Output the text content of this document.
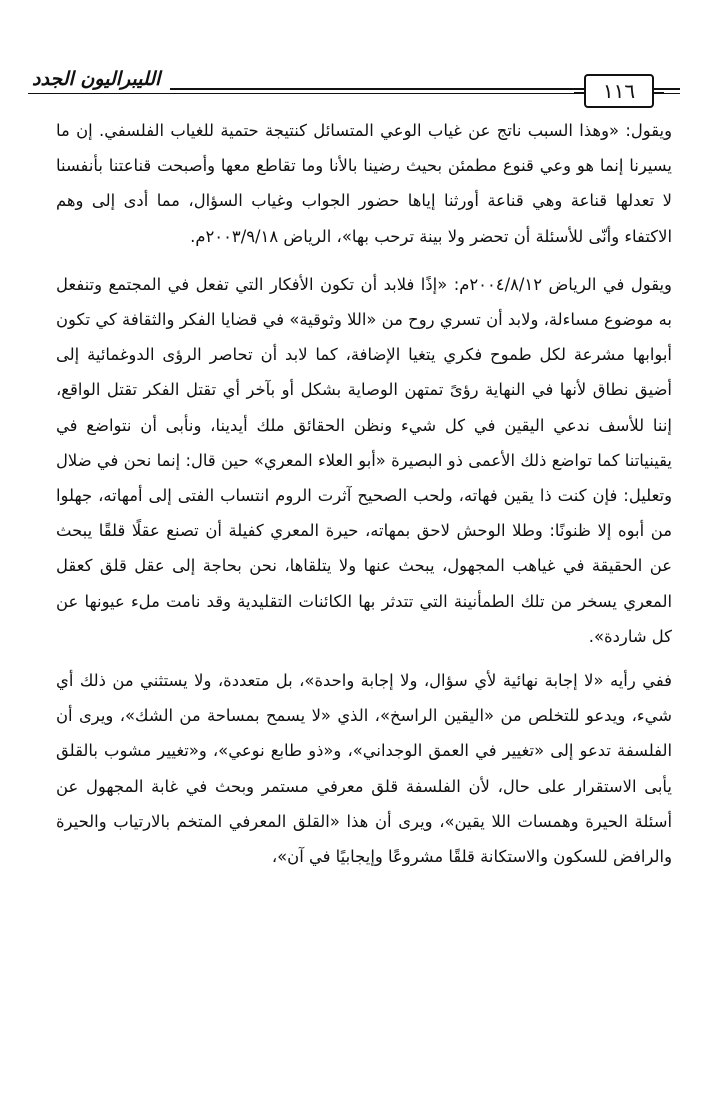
الليبراليون الجدد	١١٦

ويقول: «وهذا السبب ناتج عن غياب الوعي المتسائل كنتيجة حتمية للغياب الفلسفي. إن ما يسيرنا إنما هو وعي قنوع مطمئن بحيث رضينا بالأنا وما تقاطع معها وأصبحت قناعتنا بأنفسنا لا تعدلها قناعة وهي قناعة أورثنا إياها حضور الجواب وغياب السؤال، مما أدى إلى وهم الاكتفاء وأنّى للأسئلة أن تحضر ولا بينة ترحب بها»، الرياض ٢٠٠٣/٩/١٨م.

ويقول في الرياض ٢٠٠٤/٨/١٢م: «إذًا فلابد أن تكون الأفكار التي تفعل في المجتمع وتنفعل به موضوع مساءلة، ولابد أن تسري روح من «اللا وثوقية» في قضايا الفكر والثقافة كي تكون أبوابها مشرعة لكل طموح فكري يتغيا الإضافة، كما لابد أن تحاصر الرؤى الدوغمائية إلى أضيق نطاق لأنها في النهاية رؤىً تمتهن الوصاية بشكل أو بآخر أي تقتل الفكر تقتل الواقع، إننا للأسف ندعي اليقين في كل شيء ونظن الحقائق ملك أيدينا، ونأبى أن نتواضع في يقينياتنا كما تواضع ذلك الأعمى ذو البصيرة «أبو العلاء المعري» حين قال: إنما نحن في ضلال وتعليل: فإن كنت ذا يقين فهاته، ولحب الصحيح آثرت الروم انتساب الفتى إلى أمهاته، جهلوا من أبوه إلا ظنونًا: وطلا الوحش لاحق بمهاته، حيرة المعري كفيلة أن تصنع عقلًا قلقًا يبحث عن الحقيقة في غياهب المجهول، يبحث عنها ولا يتلقاها، نحن بحاجة إلى عقل قلق كعقل المعري يسخر من تلك الطمأنينة التي تتدثر بها الكائنات التقليدية وقد نامت ملء عيونها عن كل شاردة».

ففي رأيه «لا إجابة نهائية لأي سؤال، ولا إجابة واحدة»، بل متعددة، ولا يستثني من ذلك أي شيء، ويدعو للتخلص من «اليقين الراسخ»، الذي «لا يسمح بمساحة من الشك»، ويرى أن الفلسفة تدعو إلى «تغيير في العمق الوجداني»، و«ذو طابع نوعي»، و«تغيير مشوب بالقلق يأبى الاستقرار على حال، لأن الفلسفة قلق معرفي مستمر وبحث في غابة المجهول عن أسئلة الحيرة وهمسات اللا يقين»، ويرى أن هذا «القلق المعرفي المتخم بالارتياب والحيرة والرافض للسكون والاستكانة قلقًا مشروعًا وإيجابيًا في آن»،
